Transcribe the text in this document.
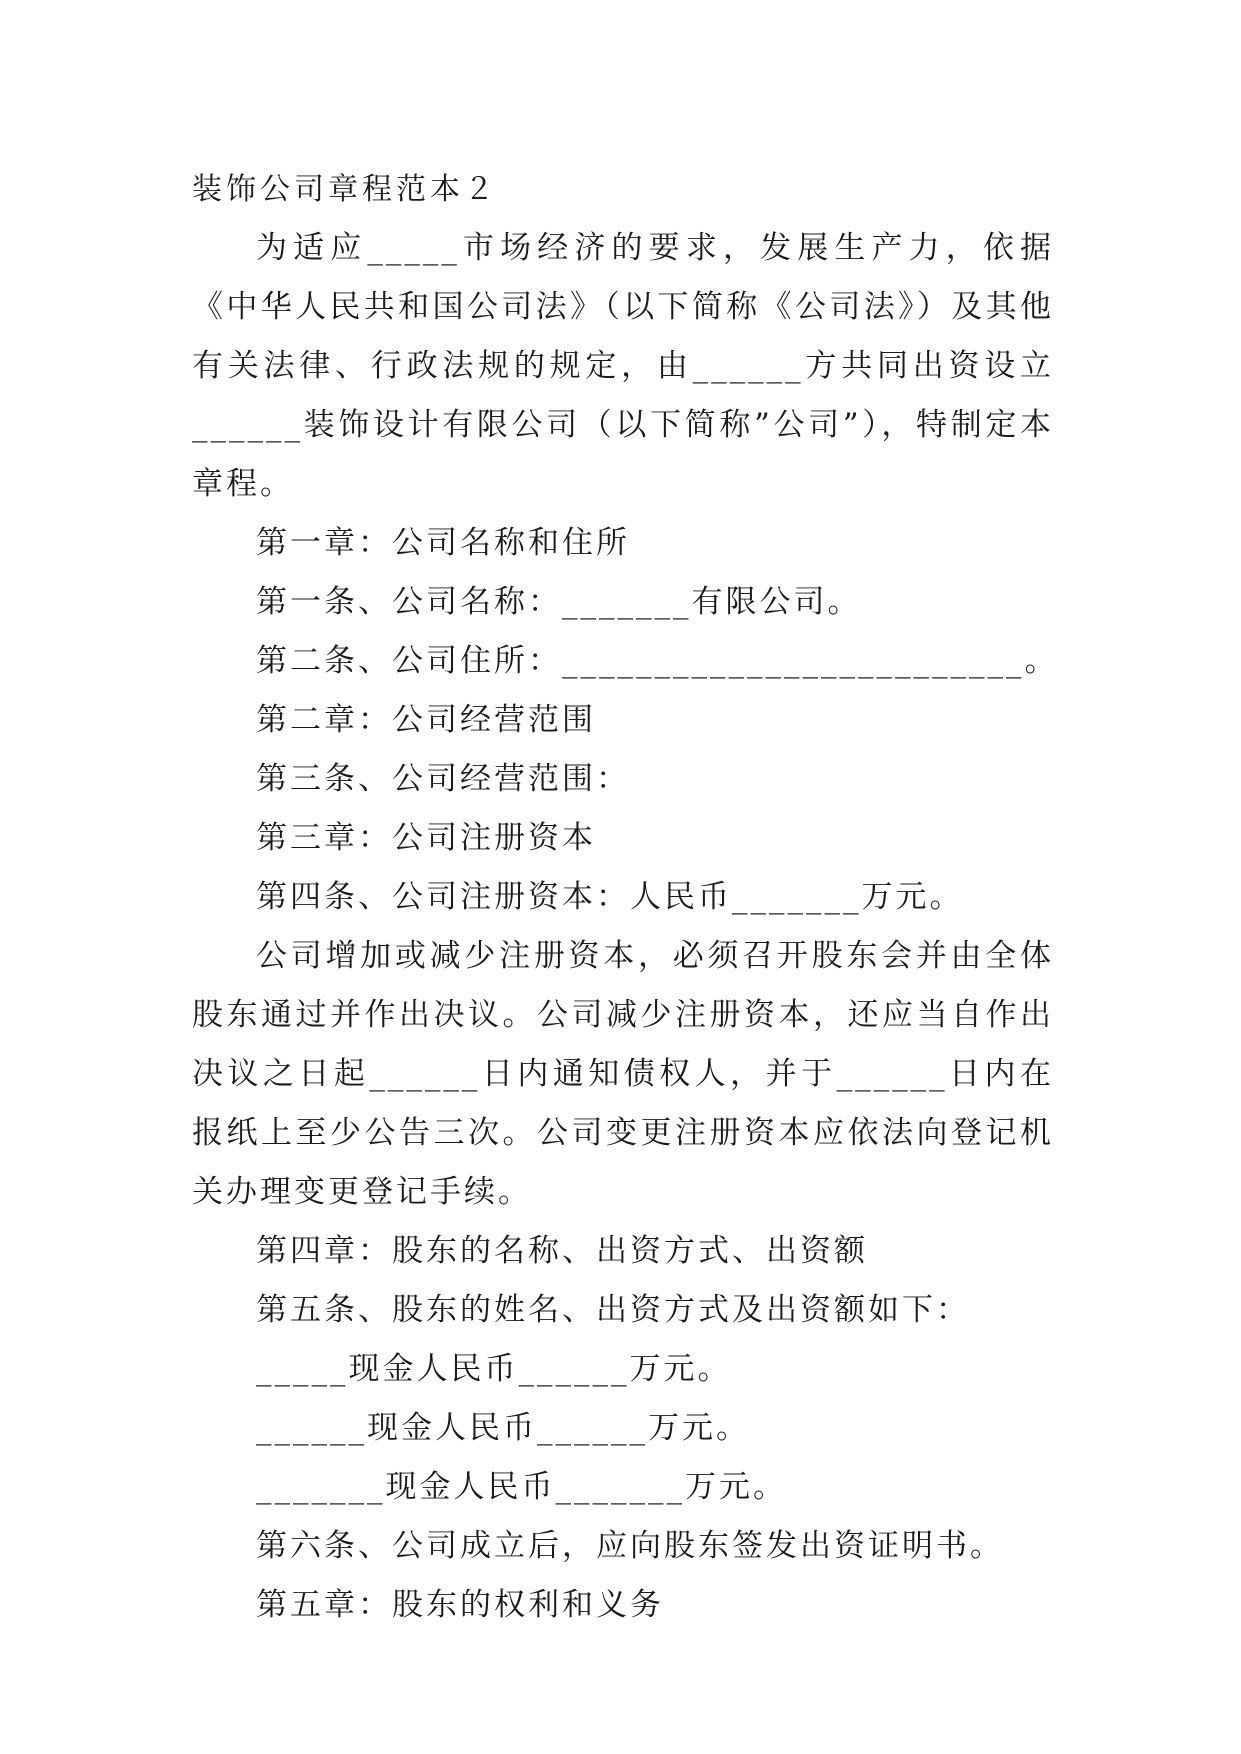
装饰公司章程范本２

为适应_____市场经济的要求，发展生产力，依据《中华人民共和国公司法》（以下简称《公司法》）及其他有关法律、行政法规的规定，由______方共同出资设立______装饰设计有限公司（以下简称”公司”），特制定本章程。

第一章：公司名称和住所

第一条、公司名称：_______有限公司。

第二条、公司住所：_________________________。

第二章：公司经营范围

第三条、公司经营范围：

第三章：公司注册资本

第四条、公司注册资本：人民币_______万元。

公司增加或减少注册资本，必须召开股东会并由全体股东通过并作出决议。公司减少注册资本，还应当自作出决议之日起______日内通知债权人，并于______日内在报纸上至少公告三次。公司变更注册资本应依法向登记机关办理变更登记手续。

第四章：股东的名称、出资方式、出资额

第五条、股东的姓名、出资方式及出资额如下：

_____现金人民币______万元。

______现金人民币______万元。

_______现金人民币_______万元。

第六条、公司成立后，应向股东签发出资证明书。

第五章：股东的权利和义务
